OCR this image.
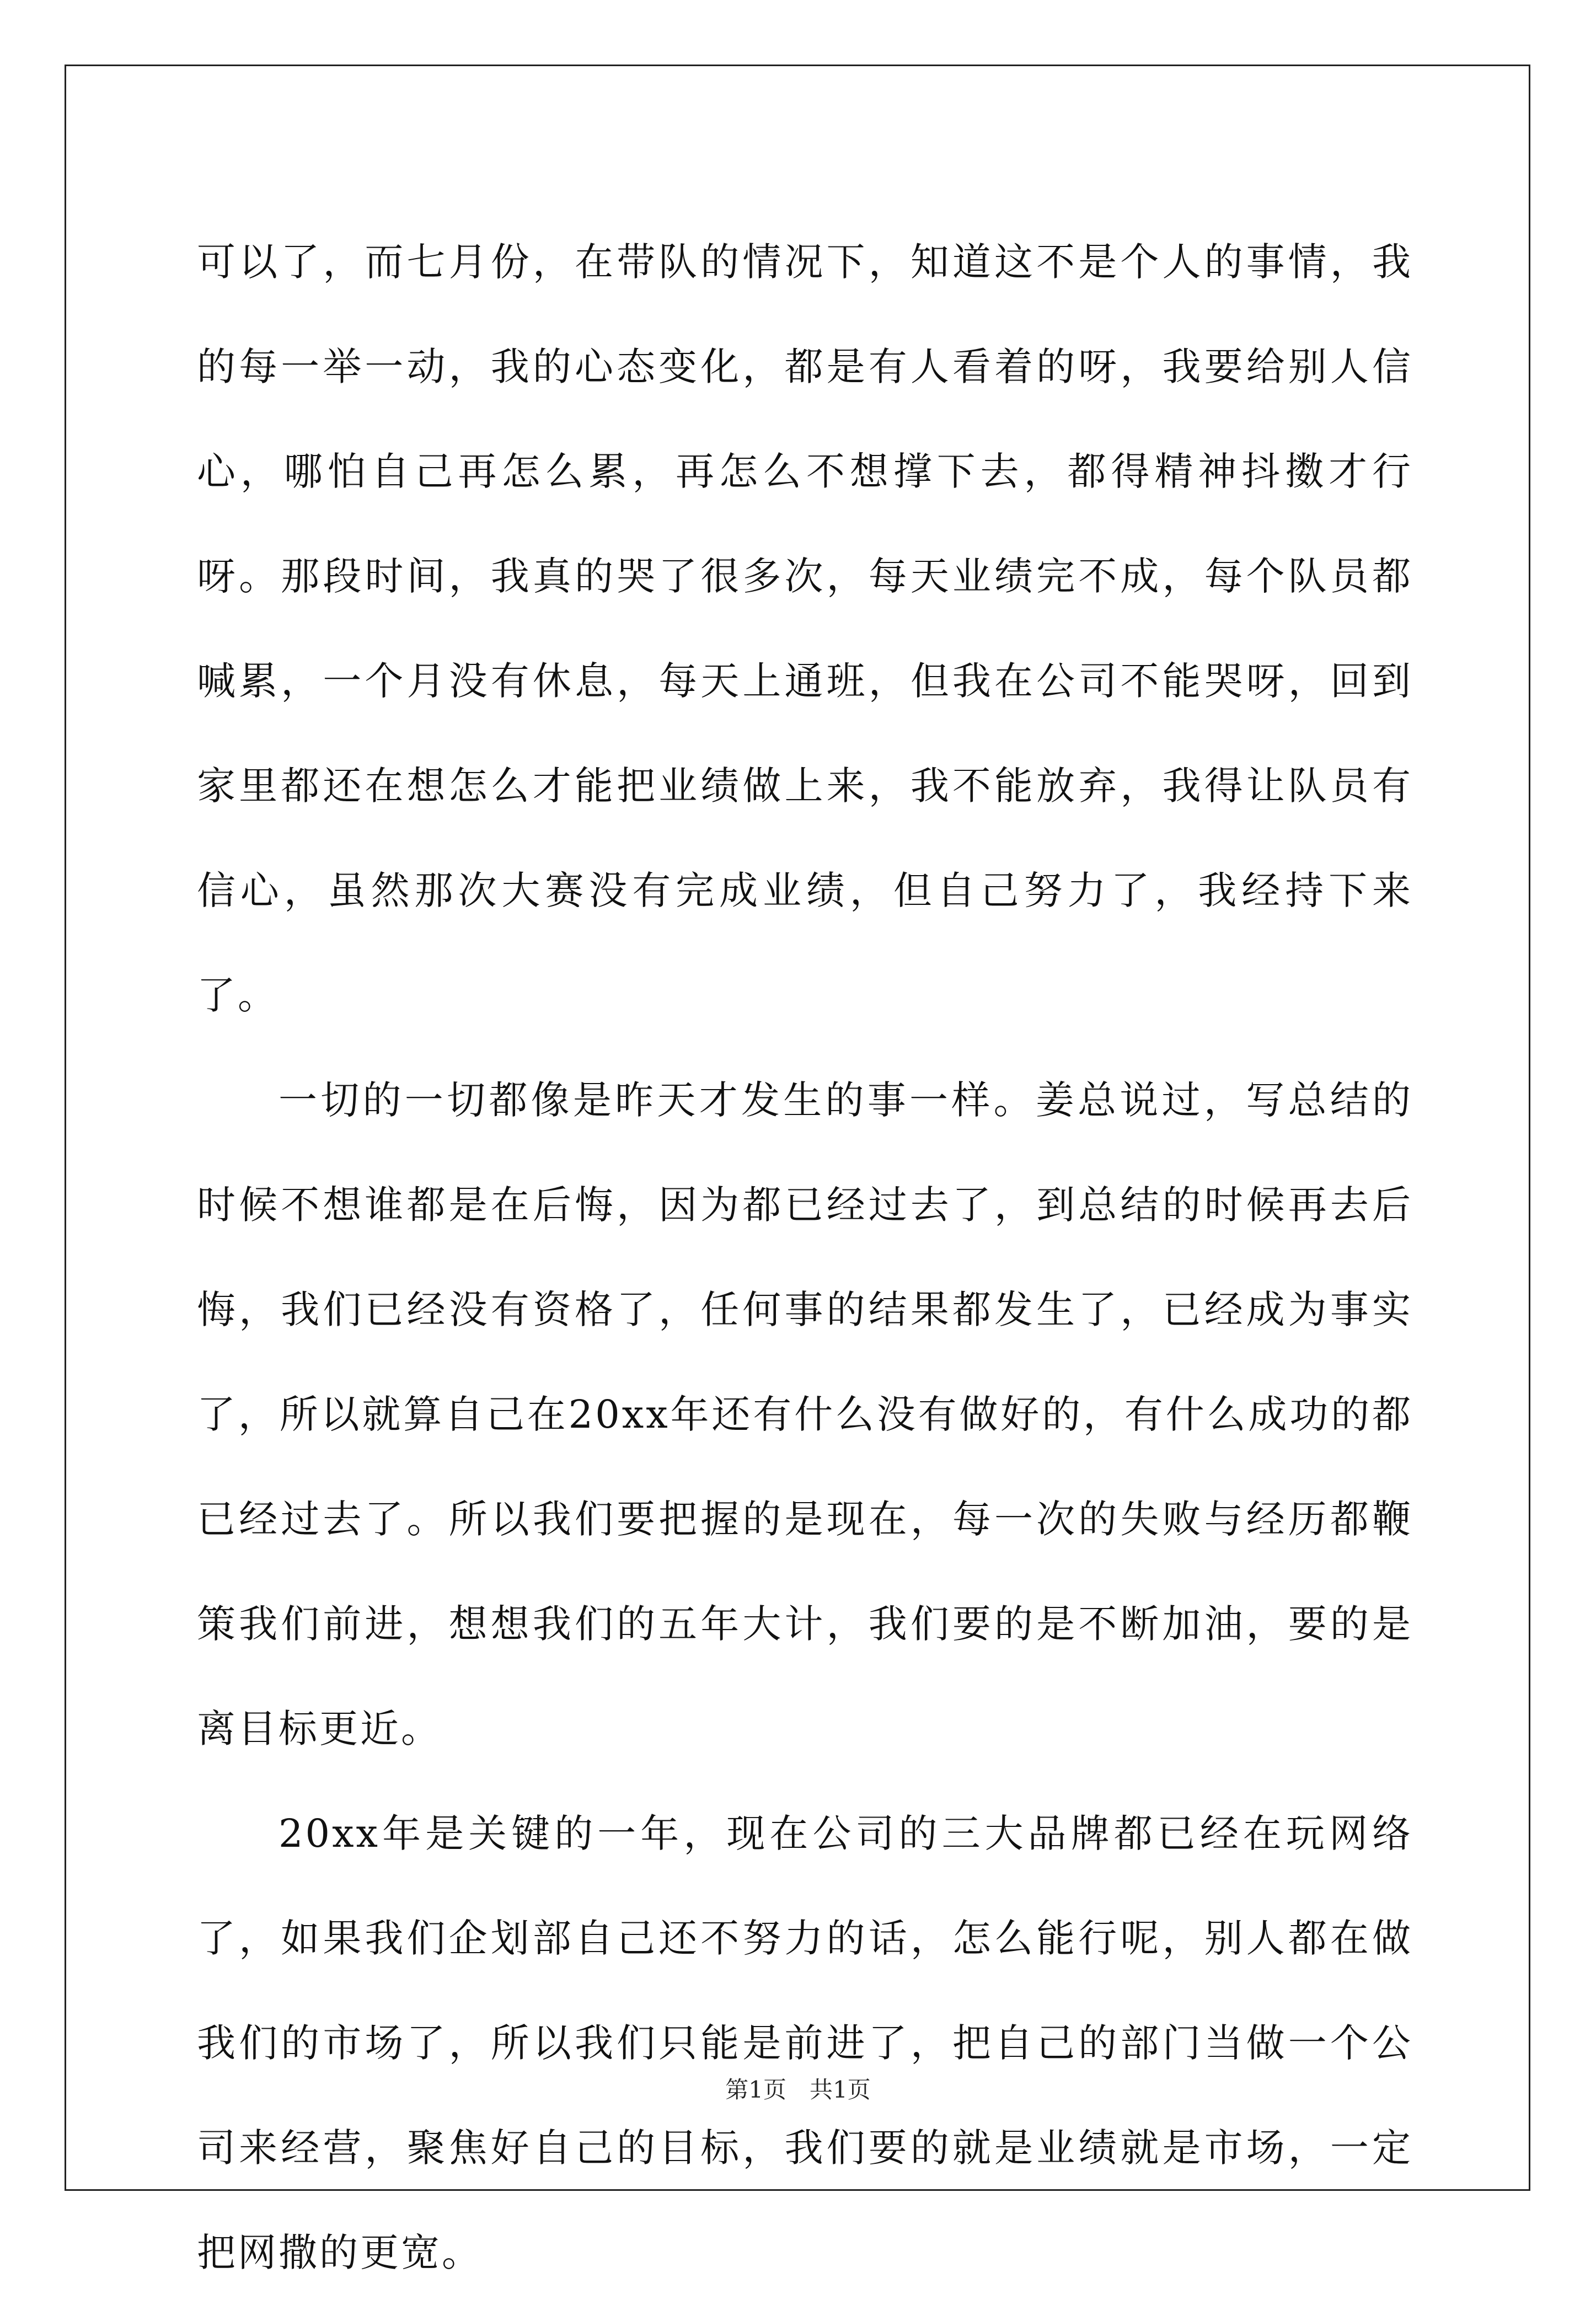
可以了，而七月份，在带队的情况下，知道这不是个人的事情，我的每一举一动，我的心态变化，都是有人看着的呀，我要给别人信心，哪怕自己再怎么累，再怎么不想撑下去，都得精神抖擞才行呀。那段时间，我真的哭了很多次，每天业绩完不成，每个队员都喊累，一个月没有休息，每天上通班，但我在公司不能哭呀，回到家里都还在想怎么才能把业绩做上来，我不能放弃，我得让队员有信心，虽然那次大赛没有完成业绩，但自己努力了，我经持下来了。

一切的一切都像是昨天才发生的事一样。姜总说过，写总结的时候不想谁都是在后悔，因为都已经过去了，到总结的时候再去后悔，我们已经没有资格了，任何事的结果都发生了，已经成为事实了，所以就算自己在20xx年还有什么没有做好的，有什么成功的都已经过去了。所以我们要把握的是现在，每一次的失败与经历都鞭策我们前进，想想我们的五年大计，我们要的是不断加油，要的是离目标更近。

20xx年是关键的一年，现在公司的三大品牌都已经在玩网络了，如果我们企划部自己还不努力的话，怎么能行呢，别人都在做我们的市场了，所以我们只能是前进了，把自己的部门当做一个公司来经营，聚焦好自己的目标，我们要的就是业绩就是市场，一定把网撒的更宽。

第1页　共1页
